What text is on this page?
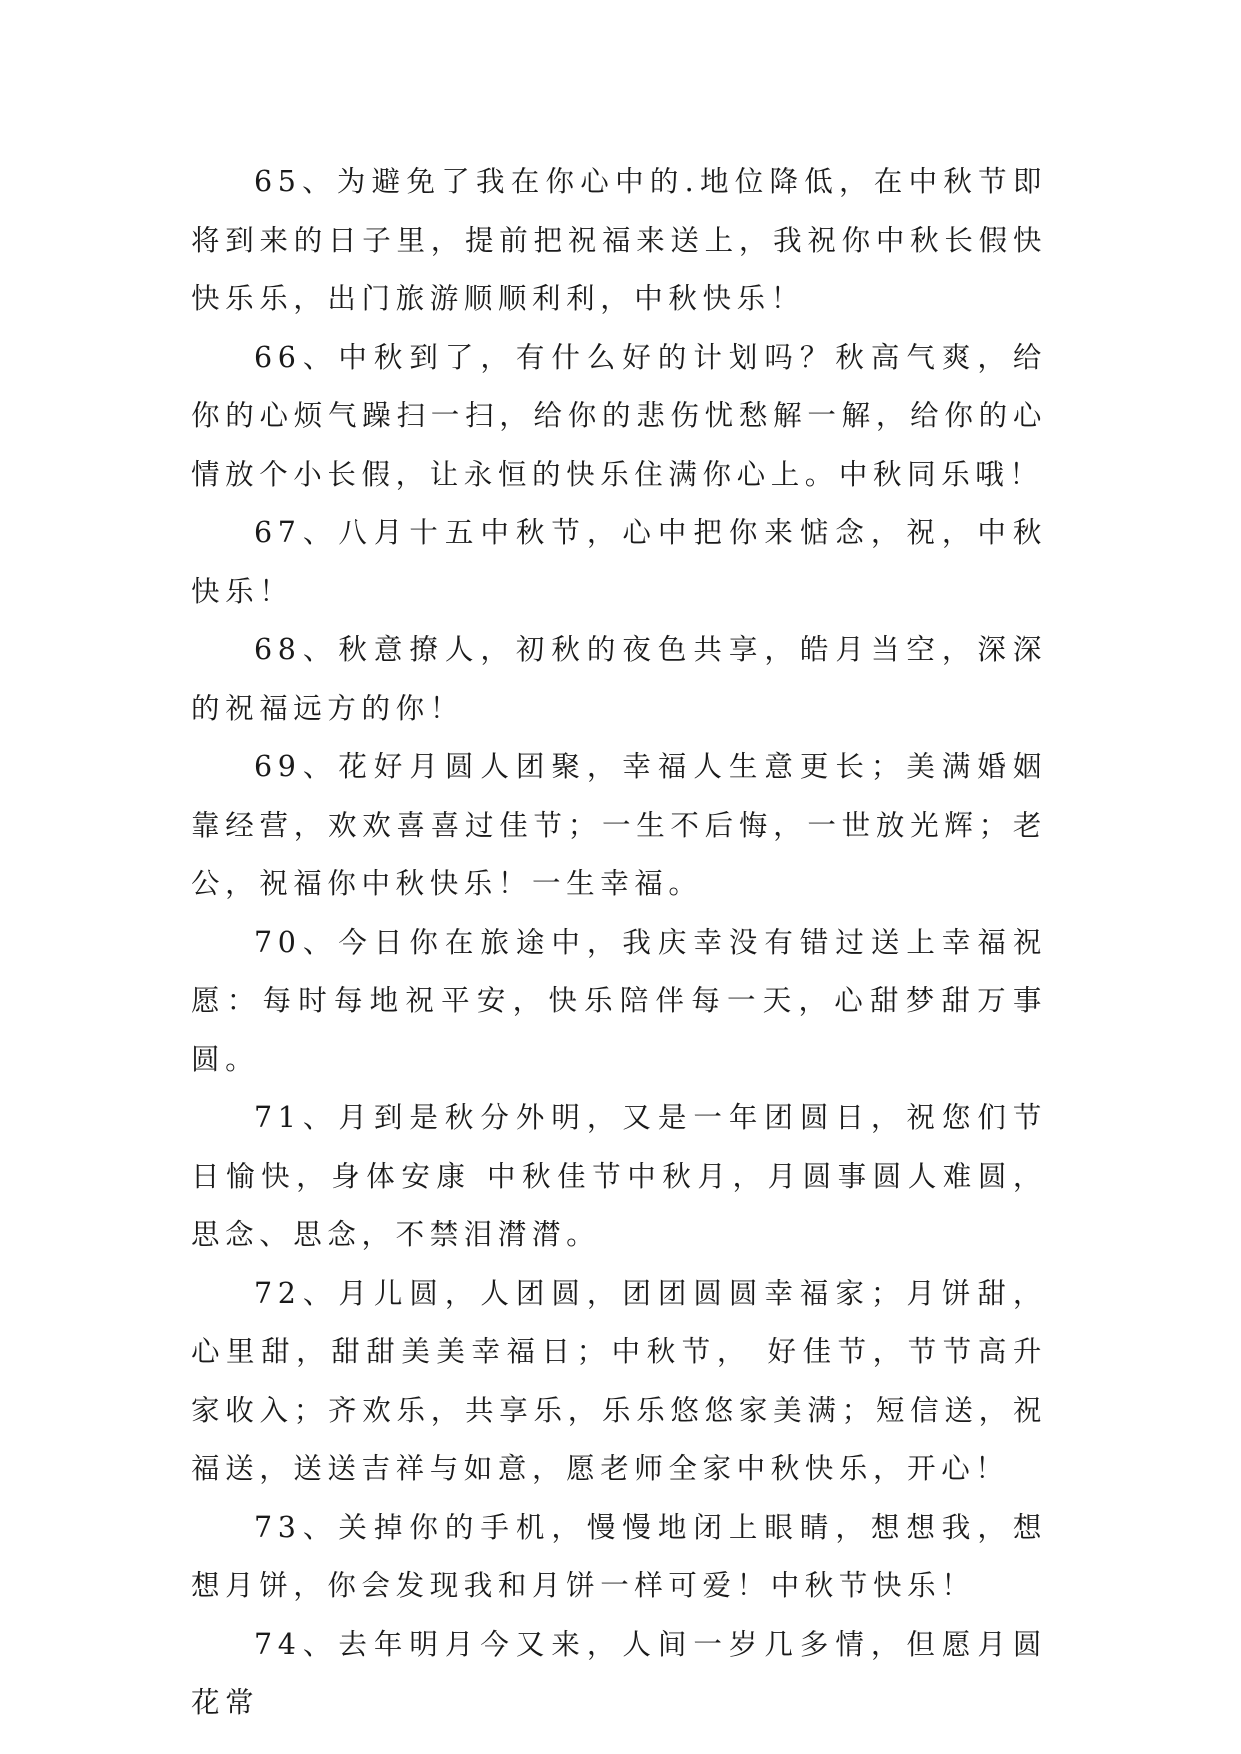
65、为避免了我在你心中的.地位降低，在中秋节即将到来的日子里，提前把祝福来送上，我祝你中秋长假快快乐乐，出门旅游顺顺利利，中秋快乐！

66、中秋到了，有什么好的计划吗？秋高气爽，给你的心烦气躁扫一扫，给你的悲伤忧愁解一解，给你的心情放个小长假，让永恒的快乐住满你心上。中秋同乐哦！

67、八月十五中秋节，心中把你来惦念，祝，中秋快乐！

68、秋意撩人，初秋的夜色共享，皓月当空，深深的祝福远方的你！

69、花好月圆人团聚，幸福人生意更长；美满婚姻靠经营，欢欢喜喜过佳节；一生不后悔，一世放光辉；老公，祝福你中秋快乐！一生幸福。

70、今日你在旅途中，我庆幸没有错过送上幸福祝愿：每时每地祝平安，快乐陪伴每一天，心甜梦甜万事圆。

71、月到是秋分外明，又是一年团圆日，祝您们节日愉快，身体安康 中秋佳节中秋月，月圆事圆人难圆，思念、思念，不禁泪潸潸。

72、月儿圆，人团圆，团团圆圆幸福家；月饼甜，心里甜，甜甜美美幸福日；中秋节， 好佳节，节节高升家收入；齐欢乐，共享乐，乐乐悠悠家美满；短信送，祝福送，送送吉祥与如意，愿老师全家中秋快乐，开心！

73、关掉你的手机，慢慢地闭上眼睛，想想我，想想月饼，你会发现我和月饼一样可爱！中秋节快乐！

74、去年明月今又来，人间一岁几多情，但愿月圆花常
